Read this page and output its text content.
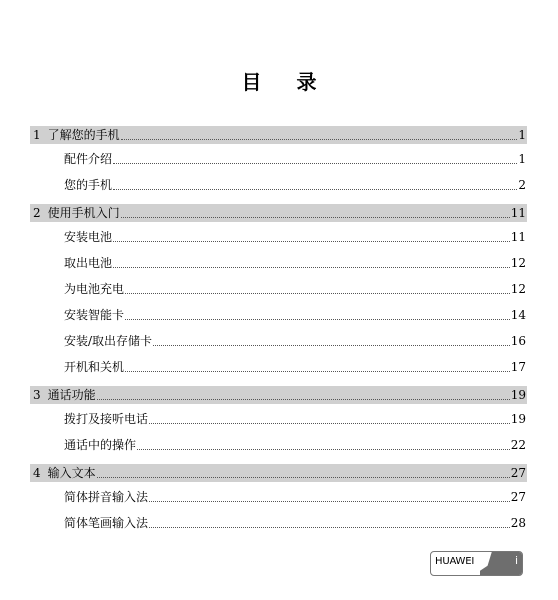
目 录
1 了解您的手机	1
配件介绍	1
您的手机	2
2 使用手机入门	11
安装电池	11
取出电池	12
为电池充电	12
安装智能卡	14
安装/取出存储卡	16
开机和关机	17
3 通话功能	19
拨打及接听电话	19
通话中的操作	22
4 输入文本	27
简体拼音输入法	27
简体笔画输入法	28
HUAWEI	i
